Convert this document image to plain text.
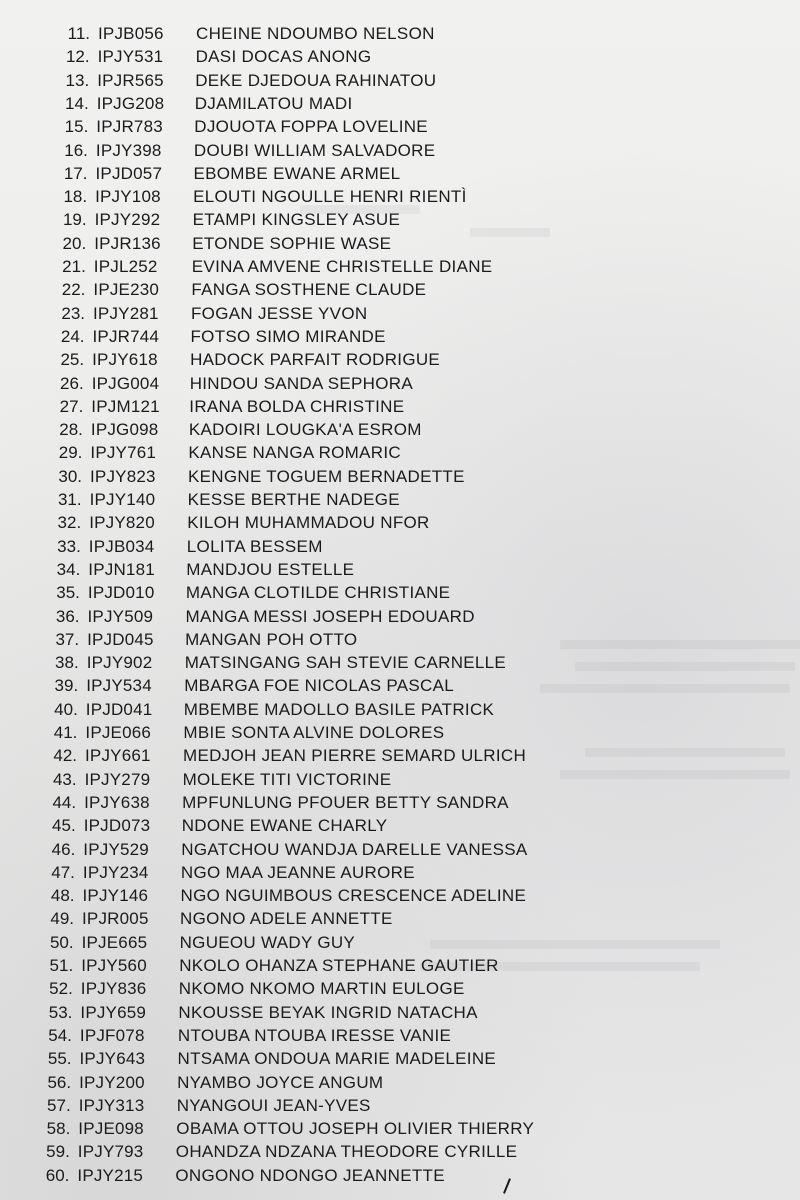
11. IPJB056 CHEINE NDOUMBO NELSON
12. IPJY531 DASI DOCAS ANONG
13. IPJR565 DEKE DJEDOUA RAHINATOU
14. IPJG208 DJAMILATOU MADI
15. IPJR783 DJOUOTA FOPPA LOVELINE
16. IPJY398 DOUBI WILLIAM SALVADORE
17. IPJD057 EBOMBE EWANE ARMEL
18. IPJY108 ELOUTI NGOULLE HENRI RIENTÌ
19. IPJY292 ETAMPI KINGSLEY ASUE
20. IPJR136 ETONDE SOPHIE WASE
21. IPJL252 EVINA AMVENE CHRISTELLE DIANE
22. IPJE230 FANGA SOSTHENE CLAUDE
23. IPJY281 FOGAN JESSE YVON
24. IPJR744 FOTSO SIMO MIRANDE
25. IPJY618 HADOCK PARFAIT RODRIGUE
26. IPJG004 HINDOU SANDA SEPHORA
27. IPJM121 IRANA BOLDA CHRISTINE
28. IPJG098 KADOIRI LOUGKA'A ESROM
29. IPJY761 KANSE NANGA ROMARIC
30. IPJY823 KENGNE TOGUEM BERNADETTE
31. IPJY140 KESSE BERTHE NADEGE
32. IPJY820 KILOH MUHAMMADOU NFOR
33. IPJB034 LOLITA BESSEM
34. IPJN181 MANDJOU ESTELLE
35. IPJD010 MANGA CLOTILDE CHRISTIANE
36. IPJY509 MANGA MESSI JOSEPH EDOUARD
37. IPJD045 MANGAN POH OTTO
38. IPJY902 MATSINGANG SAH STEVIE CARNELLE
39. IPJY534 MBARGA FOE NICOLAS PASCAL
40. IPJD041 MBEMBE MADOLLO BASILE PATRICK
41. IPJE066 MBIE SONTA ALVINE DOLORES
42. IPJY661 MEDJOH JEAN PIERRE SEMARD ULRICH
43. IPJY279 MOLEKE TITI VICTORINE
44. IPJY638 MPFUNLUNG PFOUER BETTY SANDRA
45. IPJD073 NDONE EWANE CHARLY
46. IPJY529 NGATCHOU WANDJA DARELLE VANESSA
47. IPJY234 NGO MAA JEANNE AURORE
48. IPJY146 NGO NGUIMBOUS CRESCENCE ADELINE
49. IPJR005 NGONO ADELE ANNETTE
50. IPJE665 NGUEOU WADY GUY
51. IPJY560 NKOLO OHANZA STEPHANE GAUTIER
52. IPJY836 NKOMO NKOMO MARTIN EULOGE
53. IPJY659 NKOUSSE BEYAK INGRID NATACHA
54. IPJF078 NTOUBA NTOUBA IRESSE VANIE
55. IPJY643 NTSAMA ONDOUA MARIE MADELEINE
56. IPJY200 NYAMBO JOYCE ANGUM
57. IPJY313 NYANGOUI JEAN-YVES
58. IPJE098 OBAMA OTTOU JOSEPH OLIVIER THIERRY
59. IPJY793 OHANDZA NDZANA THEODORE CYRILLE
60. IPJY215 ONGONO NDONGO JEANNETTE
